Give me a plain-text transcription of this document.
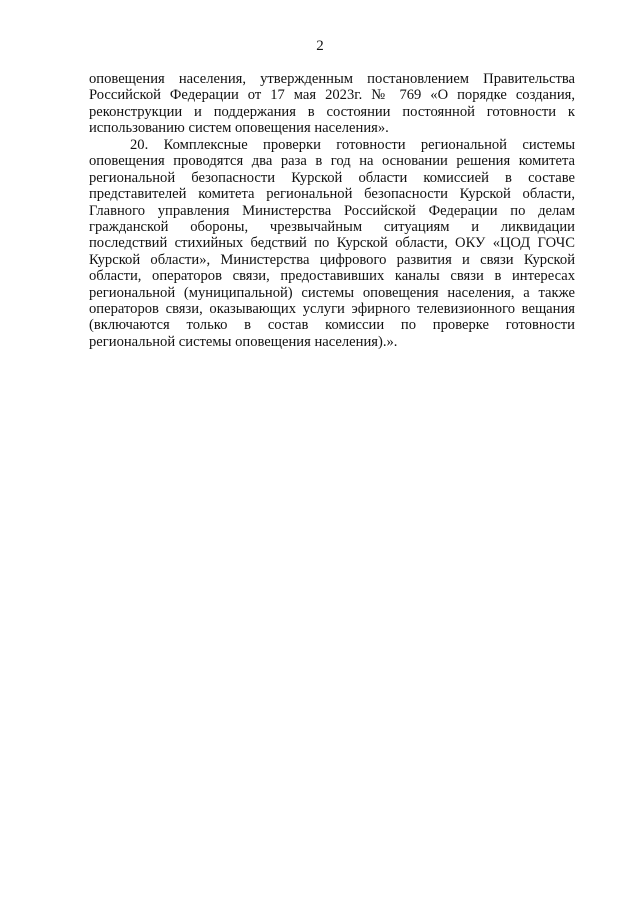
2
оповещения населения, утвержденным постановлением Правительства
Российской Федерации от 17 мая 2023г. № 769 «О порядке создания,
реконструкции и поддержания в состоянии постоянной готовности к
использованию систем оповещения населения».
20. Комплексные проверки готовности региональной системы
оповещения проводятся два раза в год на основании решения комитета
региональной безопасности Курской области комиссией в составе
представителей комитета региональной безопасности Курской области,
Главного управления Министерства Российской Федерации по делам
гражданской обороны, чрезвычайным ситуациям и ликвидации
последствий стихийных бедствий по Курской области, ОКУ «ЦОД ГОЧС
Курской области», Министерства цифрового развития и связи Курской
области, операторов связи, предоставивших каналы связи в интересах
региональной (муниципальной) системы оповещения населения, а также
операторов связи, оказывающих услуги эфирного телевизионного вещания
(включаются только в состав комиссии по проверке готовности
региональной системы оповещения населения).».
